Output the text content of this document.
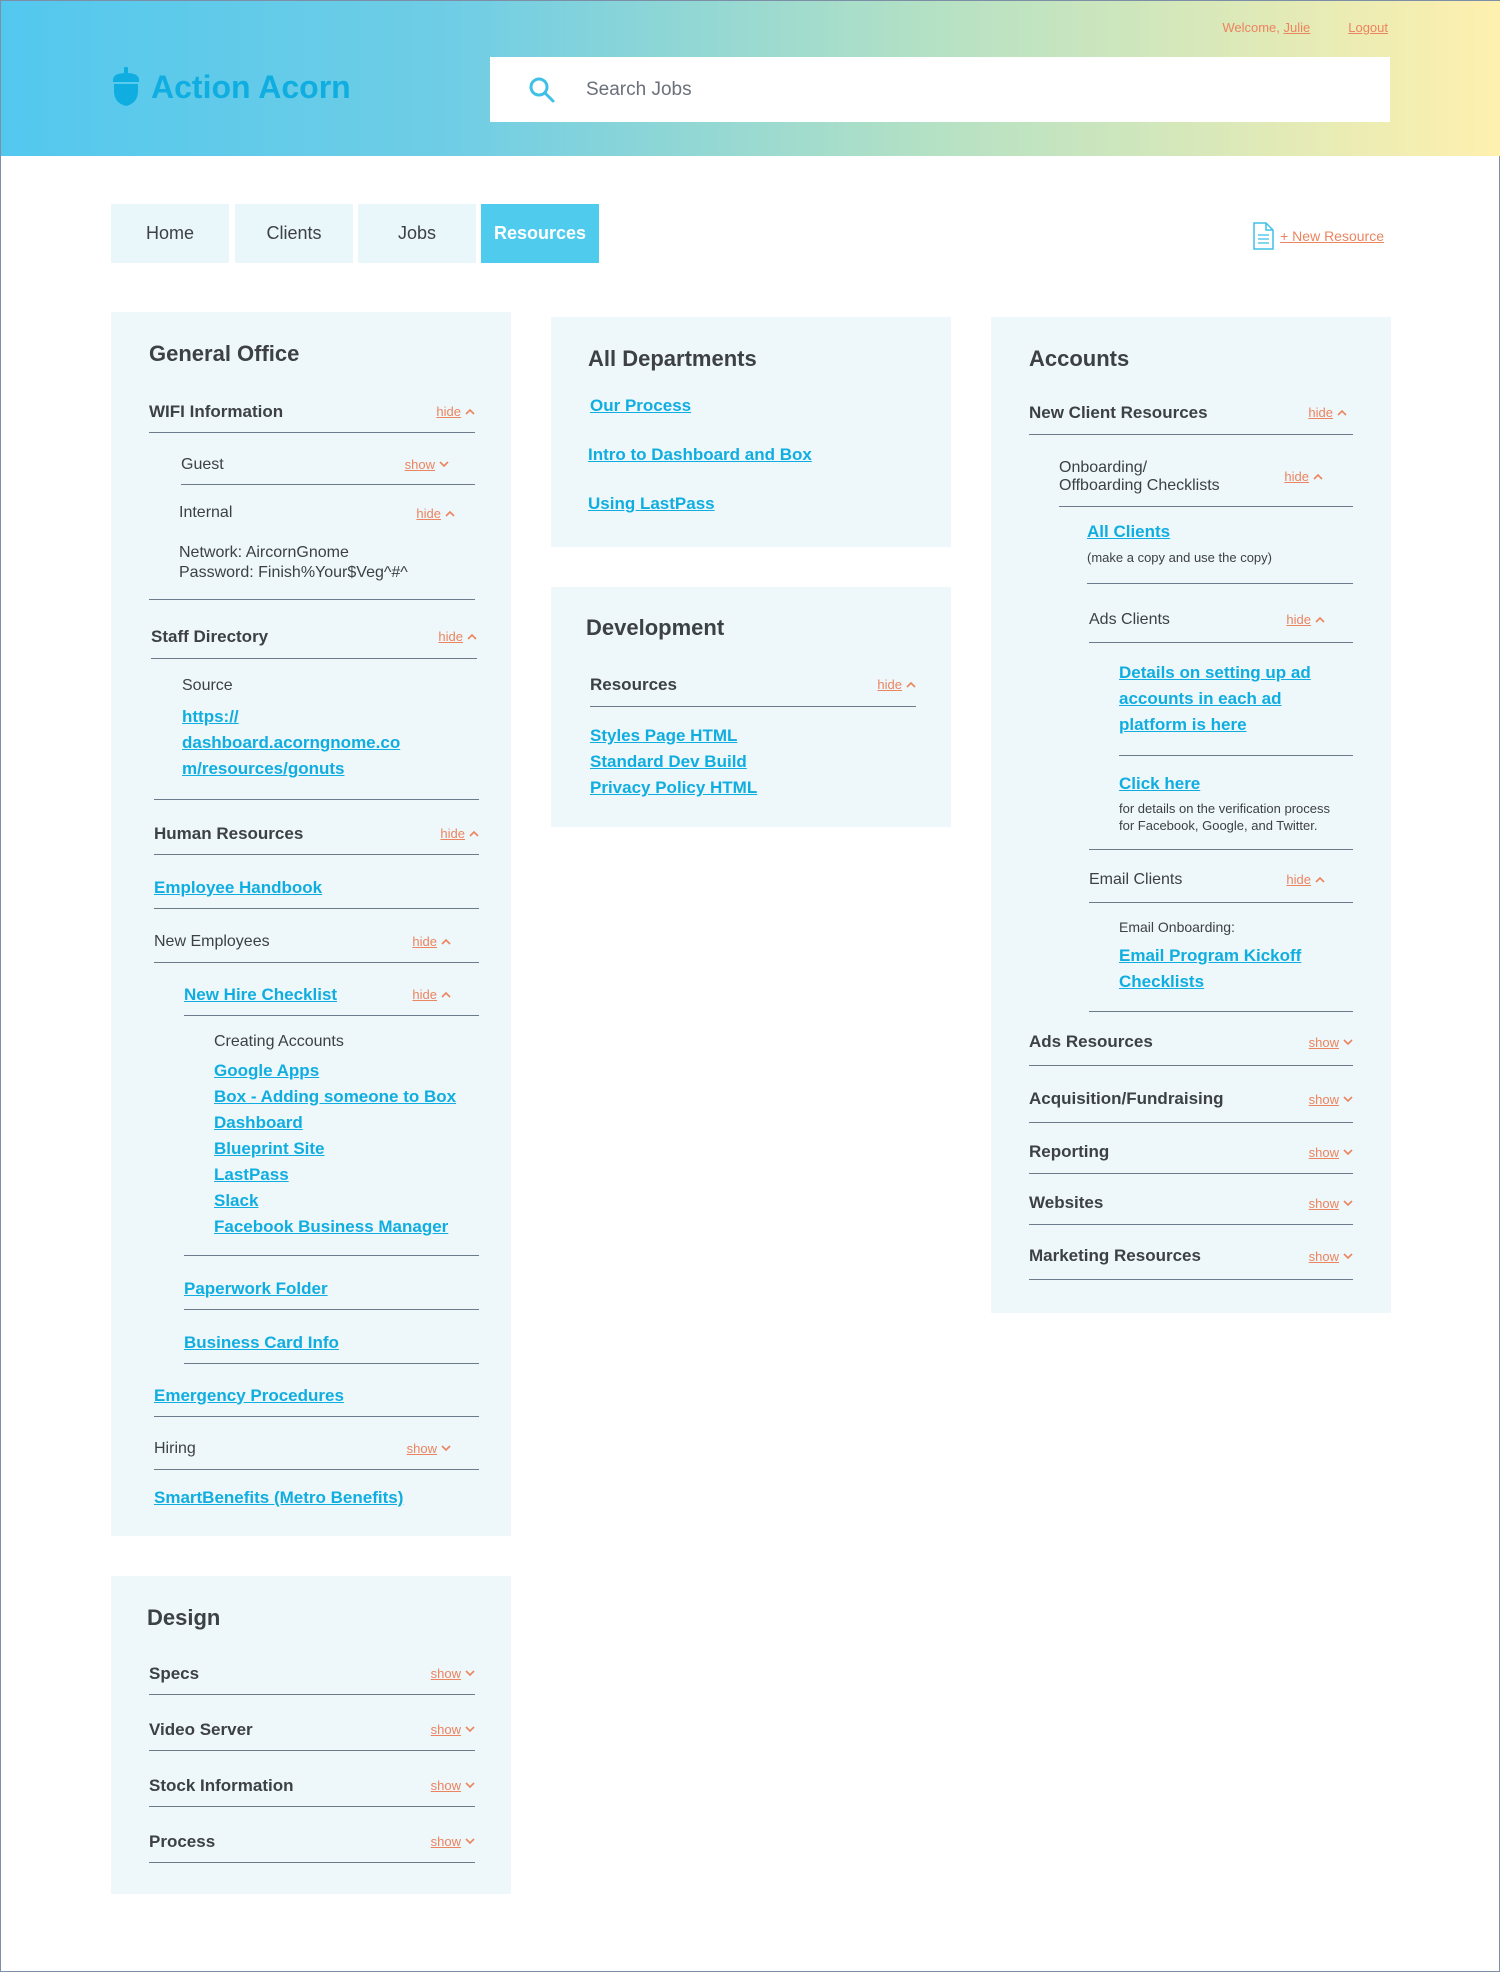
Action Acorn
Welcome, Julie	Logout
Search Jobs
Home	Clients	Jobs	Resources	+ New Resource
General Office
WIFI Information	hide
Guest	show
Internal	hide
Network: AircornGnome
Password: Finish%Your$Veg^#^
Staff Directory	hide
Source
https://
dashboard.acorngnome.co
m/resources/gonuts
Human Resources	hide
Employee Handbook
New Employees	hide
New Hire Checklist	hide
Creating Accounts
Google Apps
Box - Adding someone to Box
Dashboard
Blueprint Site
LastPass
Slack
Facebook Business Manager
Paperwork Folder
Business Card Info
Emergency Procedures
Hiring	show
SmartBenefits (Metro Benefits)
Design
Specs	show
Video Server	show
Stock Information	show
Process	show
All Departments
Our Process
Intro to Dashboard and Box
Using LastPass
Development
Resources	hide
Styles Page HTML
Standard Dev Build
Privacy Policy HTML
Accounts
New Client Resources	hide
Onboarding/
Offboarding Checklists	hide
All Clients
(make a copy and use the copy)
Ads Clients	hide
Details on setting up ad
accounts in each ad
platform is here
Click here
for details on the verification process
for Facebook, Google, and Twitter.
Email Clients	hide
Email Onboarding:
Email Program Kickoff
Checklists
Ads Resources	show
Acquisition/Fundraising	show
Reporting	show
Websites	show
Marketing Resources	show
